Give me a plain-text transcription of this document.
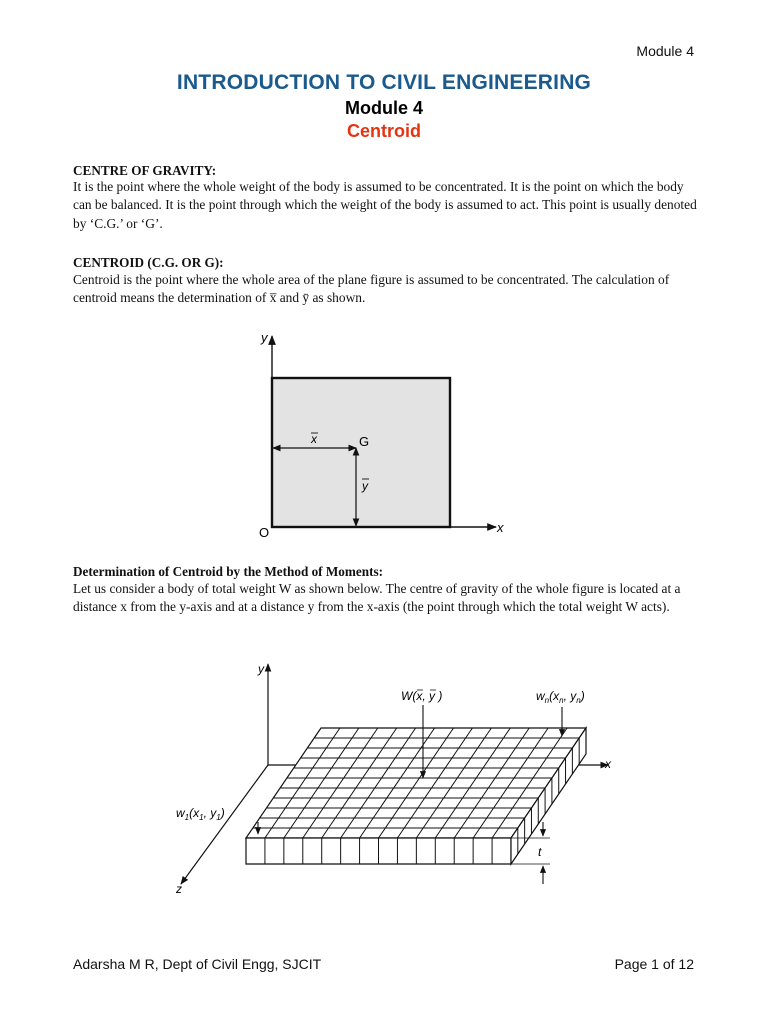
Module 4
INTRODUCTION TO CIVIL ENGINEERING
Module 4
Centroid
CENTRE OF GRAVITY:
It is the point where the whole weight of the body is assumed to be concentrated. It is the point on which the body can be balanced. It is the point through which the weight of the body is assumed to act. This point is usually denoted by ‘C.G.’ or ‘G’.
CENTROID (C.G. OR G):
Centroid is the point where the whole area of the plane figure is assumed to be concentrated. The calculation of centroid means the determination of x̅ and ȳ as shown.
y
x
O
G
x
y
Determination of Centroid by the Method of Moments:
Let us consider a body of total weight W as shown below. The centre of gravity of the whole figure is located at a distance x from the y-axis and at a distance y from the x-axis (the point through which the total weight W acts).
y
x
z
t
W(x, y )	$w_n(x_n$, $y_n$)
$w_1(x_1$, $y_1$)
Adarsha M R, Dept of Civil Engg, SJCIT	Page 1 of 12
